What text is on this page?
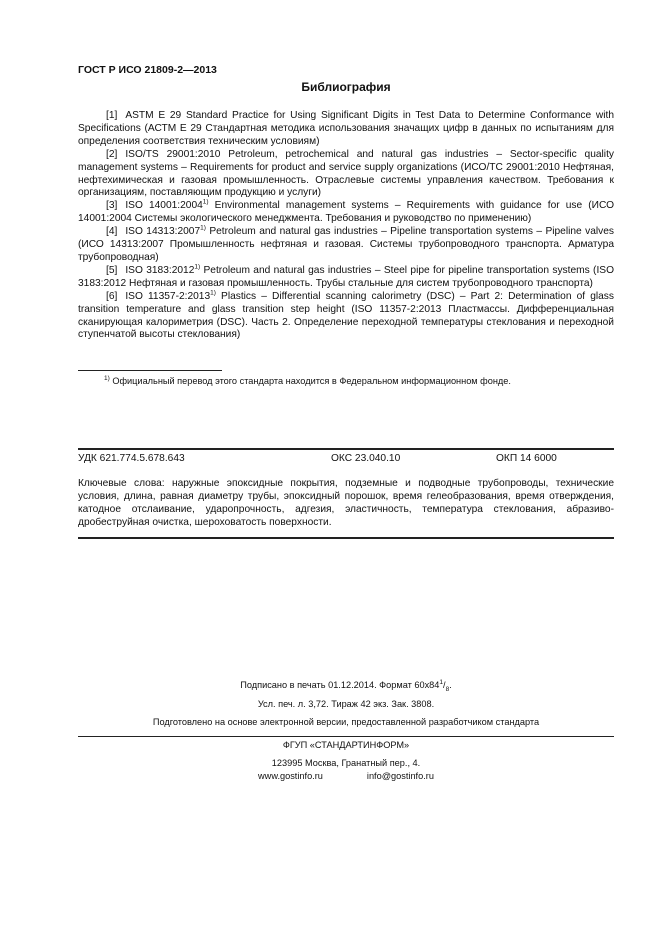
ГОСТ Р ИСО 21809-2—2013
Библиография

[1] ASTM E 29 Standard Practice for Using Significant Digits in Test Data to Determine Conformance with Specifications (АСТМ Е 29 Стандартная методика использования значащих цифр в данных по испытаниям для определения соответствия техническим условиям)

[2] ISO/TS 29001:2010 Petroleum, petrochemical and natural gas industries – Sector-specific quality management systems – Requirements for product and service supply organizations (ИСО/ТС 29001:2010 Нефтяная, нефтехимическая и газовая промышленность. Отраслевые системы управления качеством. Требования к организациям, поставляющим продукцию и услуги)

[3] ISO 14001:2004$^{1)}$ Environmental management systems – Requirements with guidance for use (ИСО 14001:2004 Системы экологического менеджмента. Требования и руководство по применению)

[4] ISO 14313:2007$^{1)}$ Petroleum and natural gas industries – Pipeline transportation systems – Pipeline valves (ИСО 14313:2007 Промышленность нефтяная и газовая. Системы трубопроводного транспорта. Арматура трубопроводная)

[5] ISO 3183:2012$^{1)}$ Petroleum and natural gas industries – Steel pipe for pipeline transportation systems (ISO 3183:2012 Нефтяная и газовая промышленность. Трубы стальные для систем трубопроводного транспорта)

[6] ISO 11357-2:2013$^{1)}$ Plastics – Differential scanning calorimetry (DSC) – Part 2: Determination of glass transition temperature and glass transition step height (ISO 11357-2:2013 Пластмассы. Дифференциальная сканирующая калориметрия (DSC). Часть 2. Определение переходной температуры стеклования и переходной ступенчатой высоты стеклования)

$^{1)}$ Официальный перевод этого стандарта находится в Федеральном информационном фонде.
УДК 621.774.5.678.643	ОКС 23.040.10	ОКП 14 6000
Ключевые слова: наружные эпоксидные покрытия, подземные и подводные трубопроводы, технические условия, длина, равная диаметру трубы, эпоксидный порошок, время гелеобразования, время отверждения, катодное отслаивание, ударопрочность, адгезия, эластичность, температура стеклования, абразиво-дробеструйная очистка, шероховатость поверхности.
Подписано в печать 01.12.2014. Формат $60x84^1/_8$.
Усл. печ. л. 3,72. Тираж 42 экз. Зак. 3808.
Подготовлено на основе электронной версии, предоставленной разработчиком стандарта
ФГУП «СТАНДАРТИНФОРМ»
123995 Москва, Гранатный пер., 4.
www.gostinfo.ru	info@gostinfo.ru
